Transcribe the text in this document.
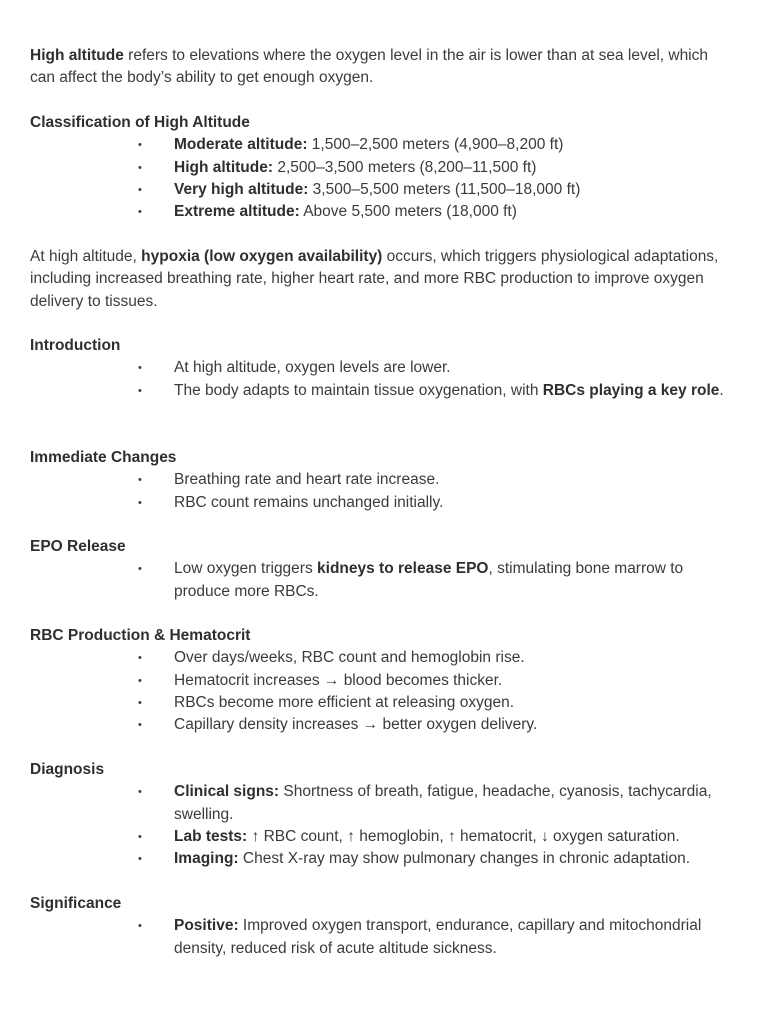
High altitude refers to elevations where the oxygen level in the air is lower than at sea level, which can affect the body’s ability to get enough oxygen.

Classification of High Altitude

• Moderate altitude: 1,500–2,500 meters (4,900–8,200 ft)
• High altitude: 2,500–3,500 meters (8,200–11,500 ft)
• Very high altitude: 3,500–5,500 meters (11,500–18,000 ft)
• Extreme altitude: Above 5,500 meters (18,000 ft)

At high altitude, hypoxia (low oxygen availability) occurs, which triggers physiological adaptations, including increased breathing rate, higher heart rate, and more RBC production to improve oxygen delivery to tissues.

Introduction

• At high altitude, oxygen levels are lower.
• The body adapts to maintain tissue oxygenation, with RBCs playing a key role.

Immediate Changes

• Breathing rate and heart rate increase.
• RBC count remains unchanged initially.

EPO Release

• Low oxygen triggers kidneys to release EPO, stimulating bone marrow to produce more RBCs.

RBC Production & Hematocrit

• Over days/weeks, RBC count and hemoglobin rise.
• Hematocrit increases → blood becomes thicker.
• RBCs become more efficient at releasing oxygen.
• Capillary density increases → better oxygen delivery.

Diagnosis

• Clinical signs: Shortness of breath, fatigue, headache, cyanosis, tachycardia, swelling.
• Lab tests: ↑ RBC count, ↑ hemoglobin, ↑ hematocrit, ↓ oxygen saturation.
• Imaging: Chest X-ray may show pulmonary changes in chronic adaptation.

Significance

• Positive: Improved oxygen transport, endurance, capillary and mitochondrial density, reduced risk of acute altitude sickness.
